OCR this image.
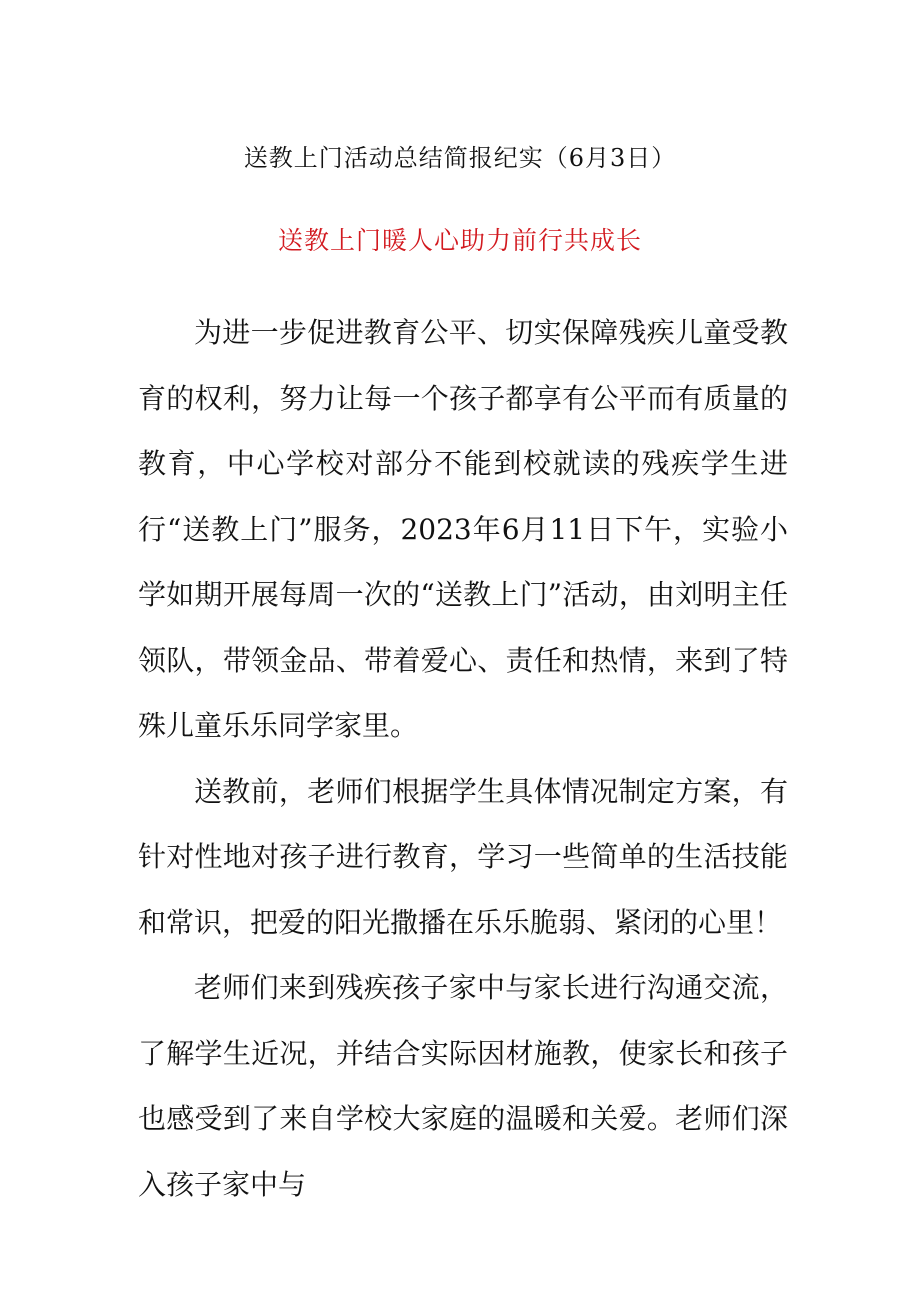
送教上门活动总结简报纪实（6月3日）
送教上门暖人心助力前行共成长

为进一步促进教育公平、切实保障残疾儿童受教育的权利，努力让每一个孩子都享有公平而有质量的教育，中心学校对部分不能到校就读的残疾学生进行“送教上门”服务，2023年6月11日下午，实验小学如期开展每周一次的“送教上门”活动，由刘明主任领队，带领金品、带着爱心、责任和热情，来到了特殊儿童乐乐同学家里。

送教前，老师们根据学生具体情况制定方案，有针对性地对孩子进行教育，学习一些简单的生活技能和常识，把爱的阳光撒播在乐乐脆弱、紧闭的心里！

老师们来到残疾孩子家中与家长进行沟通交流，了解学生近况，并结合实际因材施教，使家长和孩子也感受到了来自学校大家庭的温暖和关爱。老师们深入孩子家中与
